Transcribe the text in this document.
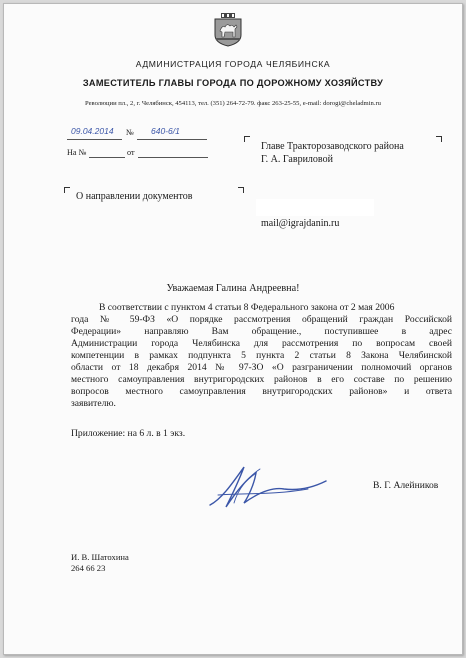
АДМИНИСТРАЦИЯ ГОРОДА ЧЕЛЯБИНСКА
ЗАМЕСТИТЕЛЬ ГЛАВЫ ГОРОДА ПО ДОРОЖНОМУ ХОЗЯЙСТВУ
Революции пл., 2, г. Челябинск, 454113, тел. (351) 264-72-79. факс 263-25-55, e-mail: dorogi@cheladmin.ru
09.04.2014 № 640-6/1
На №	от
Главе Тракторозаводского района
Г. А. Гавриловой
О направлении документов
mail@igrajdanin.ru
Уважаемая Галина Андреевна!
В соответствии с пунктом 4 статьи 8 Федерального закона от 2 мая 2006
года № 59-ФЗ «О порядке рассмотрения обращений граждан Российской
Федерации» направляю Вам обращение., поступившее в адрес
Администрации города Челябинска для рассмотрения по вопросам своей
компетенции в рамках подпункта 5 пункта 2 статьи 8 Закона Челябинской
области от 18 декабря 2014 № 97-ЗО «О разграничении полномочий органов
местного самоуправления внутригородских районов в его составе по решению
вопросов местного самоуправления внутригородских районов» и ответа
заявителю.
Приложение: на 6 л. в 1 экз.
В. Г. Алейников
И. В. Шатохина
264 66 23
